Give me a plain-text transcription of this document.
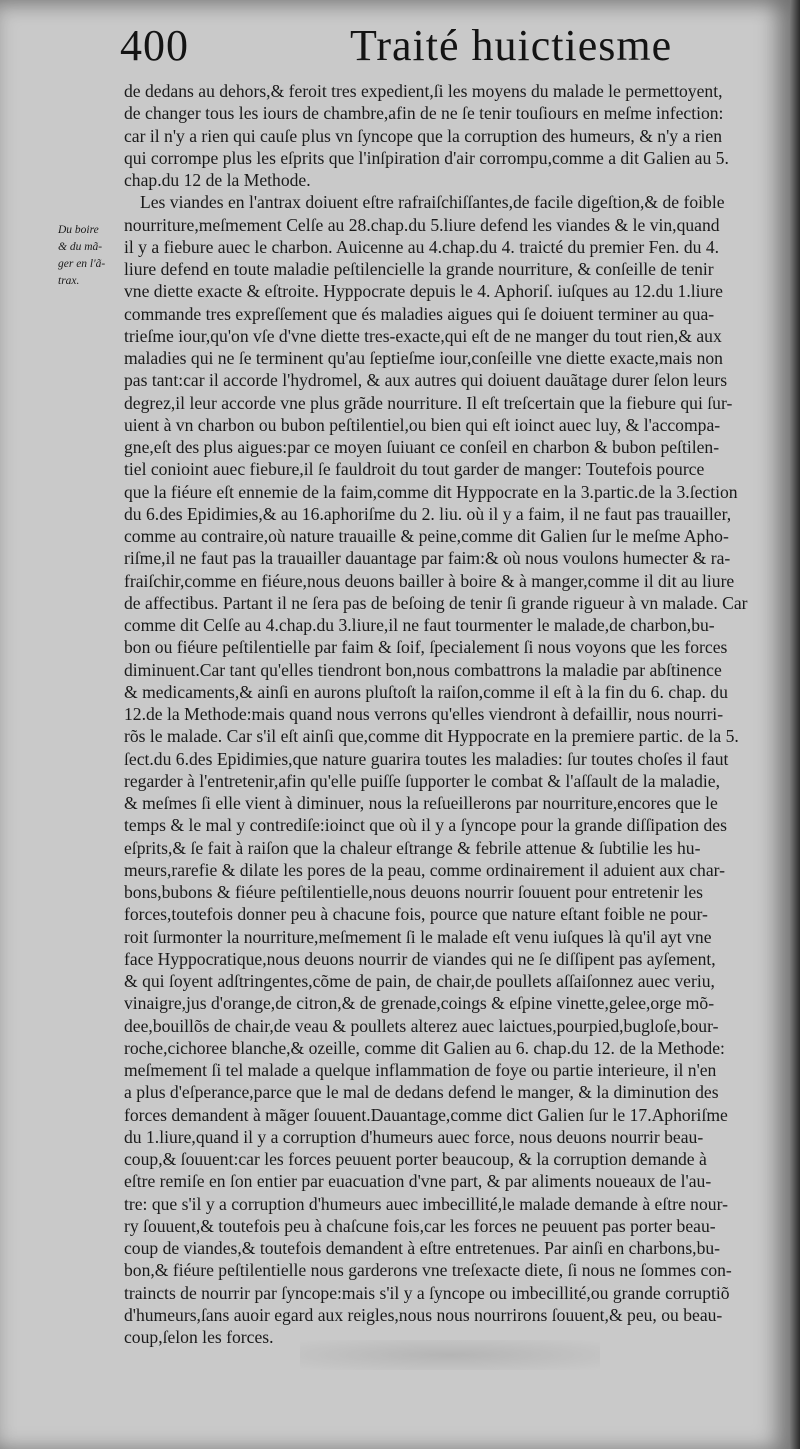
400	Traité huictiesme
Du boire
& du mã-
ger en l'ã-
trax.
de dedans au dehors,& feroit tres expedient,ſi les moyens du malade le permettoyent,
de changer tous les iours de chambre,afin de ne ſe tenir touſiours en meſme infection:
car il n'y a rien qui cauſe plus vn ſyncope que la corruption des humeurs, & n'y a rien
qui corrompe plus les eſprits que l'inſpiration d'air corrompu,comme a dit Galien au 5.
chap.du 12 de la Methode.
Les viandes en l'antrax doiuent eſtre rafraiſchiſſantes,de facile digeſtion,& de foible
nourriture,meſmement Celſe au 28.chap.du 5.liure defend les viandes & le vin,quand
il y a fiebure auec le charbon. Auicenne au 4.chap.du 4. traicté du premier Fen. du 4.
liure defend en toute maladie peſtilencielle la grande nourriture, & conſeille de tenir
vne diette exacte & eſtroite. Hyppocrate depuis le 4. Aphoriſ. iuſques au 12.du 1.liure
commande tres expreſſement que és maladies aigues qui ſe doiuent terminer au qua-
trieſme iour,qu'on vſe d'vne diette tres-exacte,qui eſt de ne manger du tout rien,& aux
maladies qui ne ſe terminent qu'au ſeptieſme iour,conſeille vne diette exacte,mais non
pas tant:car il accorde l'hydromel, & aux autres qui doiuent dauãtage durer ſelon leurs
degrez,il leur accorde vne plus grãde nourriture. Il eſt treſcertain que la fiebure qui ſur-
uient à vn charbon ou bubon peſtilentiel,ou bien qui eſt ioinct auec luy, & l'accompa-
gne,eſt des plus aigues:par ce moyen ſuiuant ce conſeil en charbon & bubon peſtilen-
tiel conioint auec fiebure,il ſe fauldroit du tout garder de manger: Toutefois pource
que la fiéure eſt ennemie de la faim,comme dit Hyppocrate en la 3.partic.de la 3.ſection
du 6.des Epidimies,& au 16.aphoriſme du 2. liu. où il y a faim, il ne faut pas trauailler,
comme au contraire,où nature trauaille & peine,comme dit Galien ſur le meſme Apho-
riſme,il ne faut pas la trauailler dauantage par faim:& où nous voulons humecter & ra-
fraiſchir,comme en fiéure,nous deuons bailler à boire & à manger,comme il dit au liure
de affectibus. Partant il ne ſera pas de beſoing de tenir ſi grande rigueur à vn malade. Car
comme dit Celſe au 4.chap.du 3.liure,il ne faut tourmenter le malade,de charbon,bu-
bon ou fiéure peſtilentielle par faim & ſoif, ſpecialement ſi nous voyons que les forces
diminuent.Car tant qu'elles tiendront bon,nous combattrons la maladie par abſtinence
& medicaments,& ainſi en aurons pluſtoſt la raiſon,comme il eſt à la fin du 6. chap. du
12.de la Methode:mais quand nous verrons qu'elles viendront à defaillir, nous nourri-
rõs le malade. Car s'il eſt ainſi que,comme dit Hyppocrate en la premiere partic. de la 5.
ſect.du 6.des Epidimies,que nature guarira toutes les maladies: ſur toutes choſes il faut
regarder à l'entretenir,afin qu'elle puiſſe ſupporter le combat & l'aſſault de la maladie,
& meſmes ſi elle vient à diminuer, nous la reſueillerons par nourriture,encores que le
temps & le mal y contrediſe:ioinct que où il y a ſyncope pour la grande diſſipation des
eſprits,& ſe fait à raiſon que la chaleur eſtrange & febrile attenue & ſubtilie les hu-
meurs,rarefie & dilate les pores de la peau, comme ordinairement il aduient aux char-
bons,bubons & fiéure peſtilentielle,nous deuons nourrir ſouuent pour entretenir les
forces,toutefois donner peu à chacune fois, pource que nature eſtant foible ne pour-
roit ſurmonter la nourriture,meſmement ſi le malade eſt venu iuſques là qu'il ayt vne
face Hyppocratique,nous deuons nourrir de viandes qui ne ſe diſſipent pas ayſement,
& qui ſoyent adſtringentes,cõme de pain, de chair,de poullets aſſaiſonnez auec veriu,
vinaigre,jus d'orange,de citron,& de grenade,coings & eſpine vinette,gelee,orge mõ-
dee,bouillõs de chair,de veau & poullets alterez auec laictues,pourpied,bugloſe,bour-
roche,cichoree blanche,& ozeille, comme dit Galien au 6. chap.du 12. de la Methode:
meſmement ſi tel malade a quelque inflammation de foye ou partie interieure, il n'en
a plus d'eſperance,parce que le mal de dedans defend le manger, & la diminution des
forces demandent à mãger ſouuent.Dauantage,comme dict Galien ſur le 17.Aphoriſme
du 1.liure,quand il y a corruption d'humeurs auec force, nous deuons nourrir beau-
coup,& ſouuent:car les forces peuuent porter beaucoup, & la corruption demande à
eſtre remiſe en ſon entier par euacuation d'vne part, & par aliments noueaux de l'au-
tre: que s'il y a corruption d'humeurs auec imbecillité,le malade demande à eſtre nour-
ry ſouuent,& toutefois peu à chaſcune fois,car les forces ne peuuent pas porter beau-
coup de viandes,& toutefois demandent à eſtre entretenues. Par ainſi en charbons,bu-
bon,& fiéure peſtilentielle nous garderons vne treſexacte diete, ſi nous ne ſommes con-
traincts de nourrir par ſyncope:mais s'il y a ſyncope ou imbecillité,ou grande corruptiõ
d'humeurs,ſans auoir egard aux reigles,nous nous nourrirons ſouuent,& peu, ou beau-
coup,ſelon les forces.
